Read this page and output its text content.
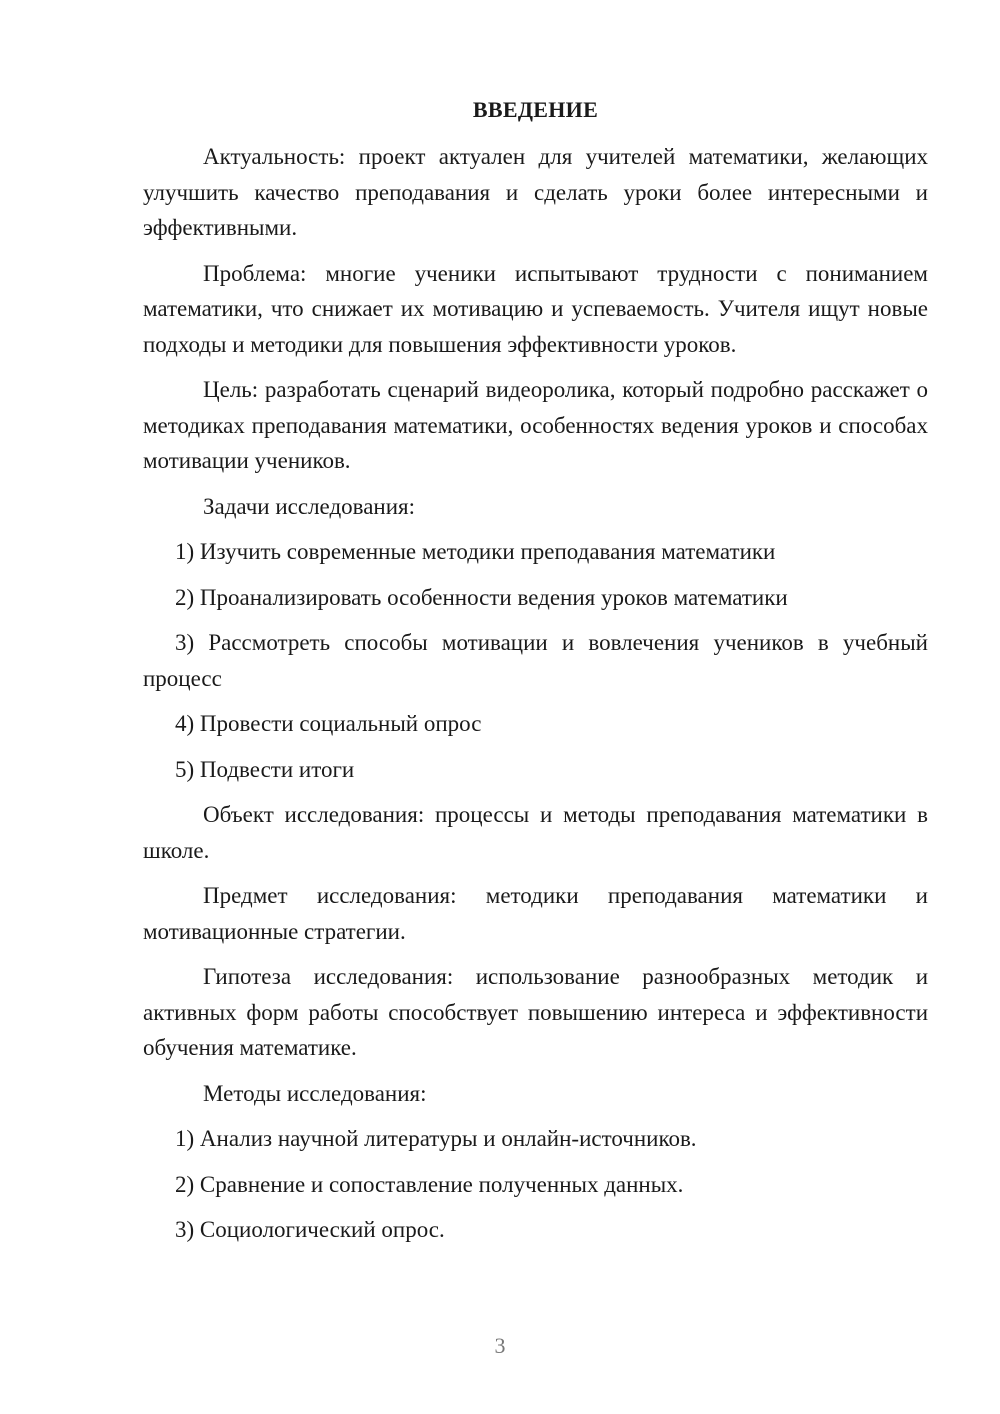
ВВЕДЕНИЕ

Актуальность: проект актуален для учителей математики, желающих улучшить качество преподавания и сделать уроки более интересными и эффективными.

Проблема: многие ученики испытывают трудности с пониманием математики, что снижает их мотивацию и успеваемость. Учителя ищут новые подходы и методики для повышения эффективности уроков.

Цель: разработать сценарий видеоролика, который подробно расскажет о методиках преподавания математики, особенностях ведения уроков и способах мотивации учеников.

Задачи исследования:

1) Изучить современные методики преподавания математики

2) Проанализировать особенности ведения уроков математики

3) Рассмотреть способы мотивации и вовлечения учеников в учебный процесс

4) Провести социальный опрос

5) Подвести итоги

Объект исследования: процессы и методы преподавания математики в школе.

Предмет исследования: методики преподавания математики и мотивационные стратегии.

Гипотеза исследования: использование разнообразных методик и активных форм работы способствует повышению интереса и эффективности обучения математике.

Методы исследования:

1) Анализ научной литературы и онлайн-источников.

2) Сравнение и сопоставление полученных данных.

3) Социологический опрос.

3
